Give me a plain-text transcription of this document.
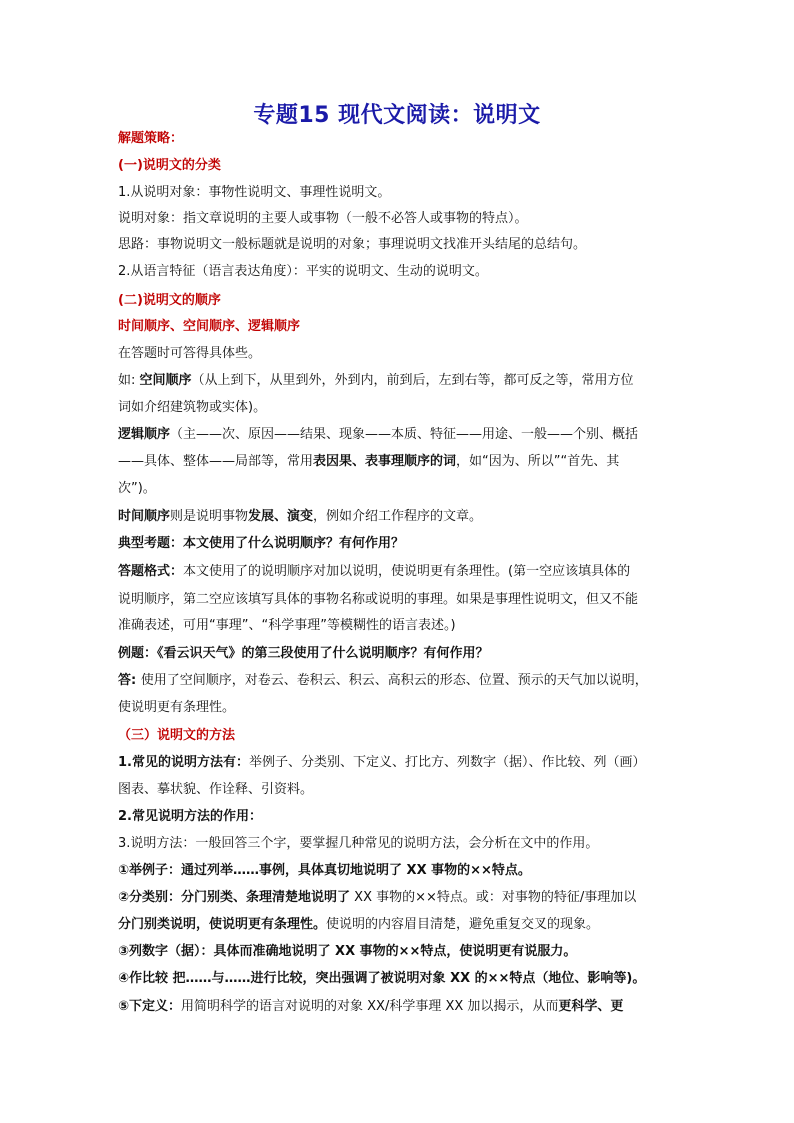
专题15 现代文阅读：说明文
解题策略：
(一)说明文的分类
1.从说明对象：事物性说明文、事理性说明文。
说明对象：指文章说明的主要人或事物（一般不必答人或事物的特点）。
思路：事物说明文一般标题就是说明的对象；事理说明文找准开头结尾的总结句。
2.从语言特征（语言表达角度）：平实的说明文、生动的说明文。
(二)说明文的顺序
时间顺序、空间顺序、逻辑顺序
在答题时可答得具体些。
如: 空间顺序（从上到下，从里到外，外到内，前到后，左到右等，都可反之等，常用方位
词如介绍建筑物或实体)。
逻辑顺序（主——次、原因——结果、现象——本质、特征——用途、一般——个别、概括
——具体、整体——局部等，常用表因果、表事理顺序的词，如“因为、所以”“首先、其
次”)。
时间顺序则是说明事物发展、演变，例如介绍工作程序的文章。
典型考题：本文使用了什么说明顺序？有何作用？
答题格式：本文使用了的说明顺序对加以说明，使说明更有条理性。(第一空应该填具体的
说明顺序，第二空应该填写具体的事物名称或说明的事理。如果是事理性说明文，但又不能
准确表述，可用“事理”、“科学事理”等模糊性的语言表述。)
例题：《看云识天气》的第三段使用了什么说明顺序？有何作用？
答: 使用了空间顺序，对卷云、卷积云、积云、高积云的形态、位置、预示的天气加以说明，
使说明更有条理性。
（三）说明文的方法
1.常见的说明方法有：举例子、分类别、下定义、打比方、列数字（据）、作比较、列（画）
图表、摹状貌、作诠释、引资料。
2.常见说明方法的作用：
3.说明方法：一般回答三个字，要掌握几种常见的说明方法，会分析在文中的作用。
①举例子：通过列举……事例，具体真切地说明了 XX 事物的××特点。
②分类别：分门别类、条理清楚地说明了 XX 事物的××特点。或：对事物的特征/事理加以
分门别类说明，使说明更有条理性。使说明的内容眉目清楚，避免重复交叉的现象。
③列数字（据）：具体而准确地说明了 XX 事物的××特点，使说明更有说服力。
④作比较 把……与……进行比较，突出强调了被说明对象 XX 的××特点（地位、影响等)。
⑤下定义：用简明科学的语言对说明的对象 XX/科学事理 XX 加以揭示，从而更科学、更
